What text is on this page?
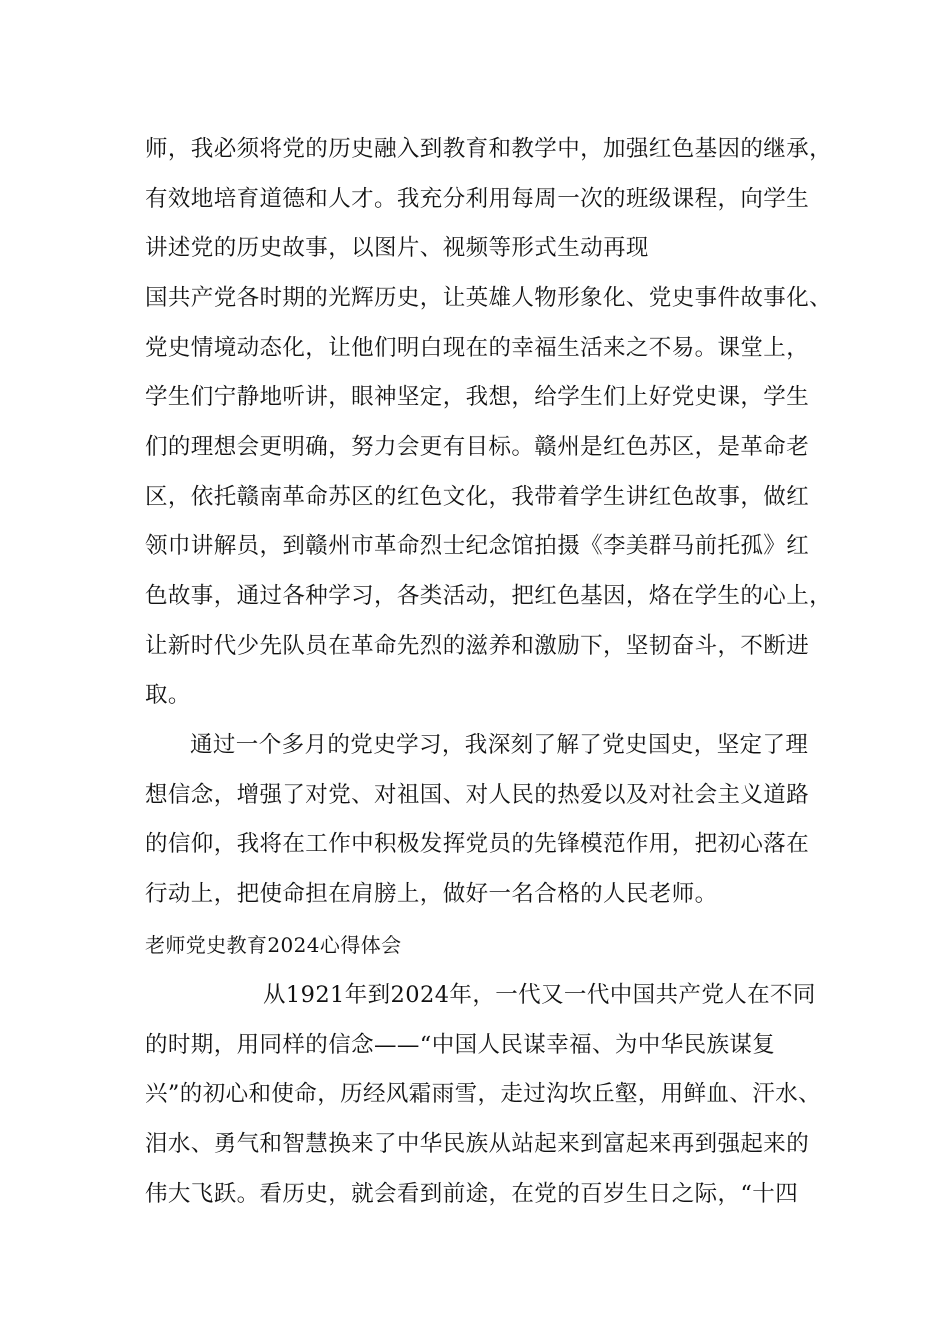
师，我必须将党的历史融入到教育和教学中，加强红色基因的继承，
有效地培育道德和人才。我充分利用每周一次的班级课程，向学生
讲述党的历史故事，以图片、视频等形式生动再现
国共产党各时期的光辉历史，让英雄人物形象化、党史事件故事化、
党史情境动态化，让他们明白现在的幸福生活来之不易。课堂上，
学生们宁静地听讲，眼神坚定，我想，给学生们上好党史课，学生
们的理想会更明确，努力会更有目标。赣州是红色苏区，是革命老
区，依托赣南革命苏区的红色文化，我带着学生讲红色故事，做红
领巾讲解员，到赣州市革命烈士纪念馆拍摄《李美群马前托孤》红
色故事，通过各种学习，各类活动，把红色基因，烙在学生的心上，
让新时代少先队员在革命先烈的滋养和激励下，坚韧奋斗，不断进
取。
通过一个多月的党史学习，我深刻了解了党史国史，坚定了理
想信念，增强了对党、对祖国、对人民的热爱以及对社会主义道路
的信仰，我将在工作中积极发挥党员的先锋模范作用，把初心落在
行动上，把使命担在肩膀上，做好一名合格的人民老师。
老师党史教育2024心得体会
从1921年到2024年，一代又一代中国共产党人在不同
的时期，用同样的信念——“中国人民谋幸福、为中华民族谋复
兴”的初心和使命，历经风霜雨雪，走过沟坎丘壑，用鲜血、汗水、
泪水、勇气和智慧换来了中华民族从站起来到富起来再到强起来的
伟大飞跃。看历史，就会看到前途，在党的百岁生日之际，“十四
